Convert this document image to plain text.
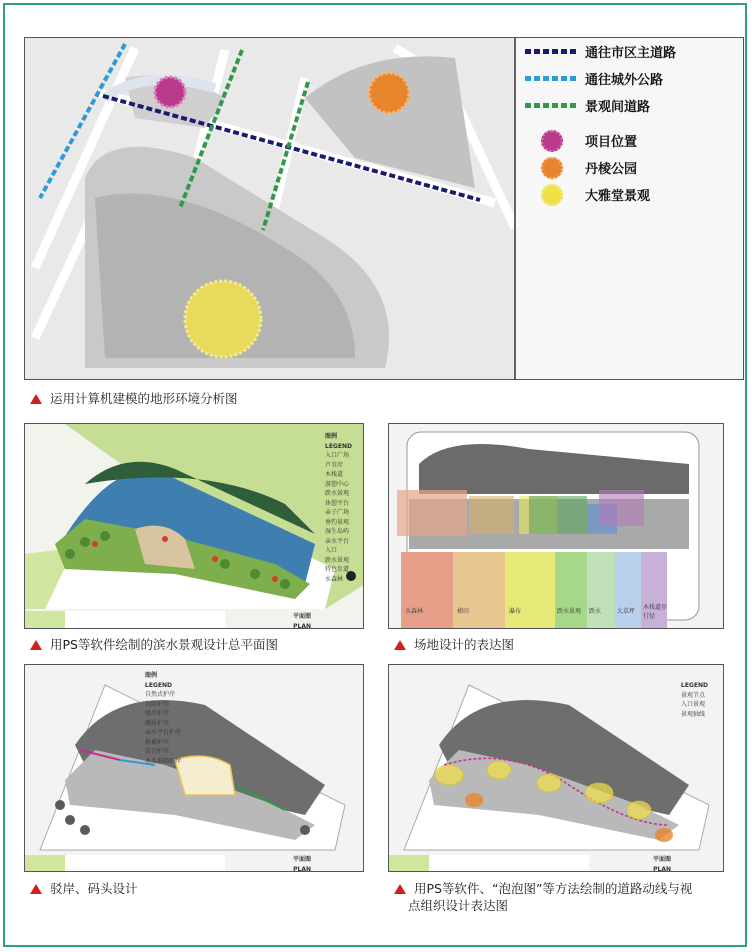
通往市区主道路
通往城外公路
景观间道路
项目位置
丹棱公园
大雅堂景观
运用计算机建模的地形环境分析图
图例
LEGEND
入口广场
芦苇岸
木栈道
游憩中心
跌水景观
休憩平台
亲子广场
垂钓景观
湿生岛屿
亲水平台
入口
跌水景观
特色步道
水森林
平面图
PLAN
用PS等软件绘制的滨水景观设计总平面图
水森林	梯田	瀑布	跌水景观 跌水	大草坪
木栈道步行径
场地设计的表达图
图例
LEGEND
自然式护岸
台阶护岸
驳岸护岸
硬质护岸
亲水平台护岸
植被护岸
混合护岸
木头堆砌护岸
平面图
PLAN
驳岸、码头设计
LEGEND
景观节点
入口景观
景观轴线
平面图
PLAN
用PS等软件、“泡泡图”等方法绘制的道路动线与视
点组织设计表达图
